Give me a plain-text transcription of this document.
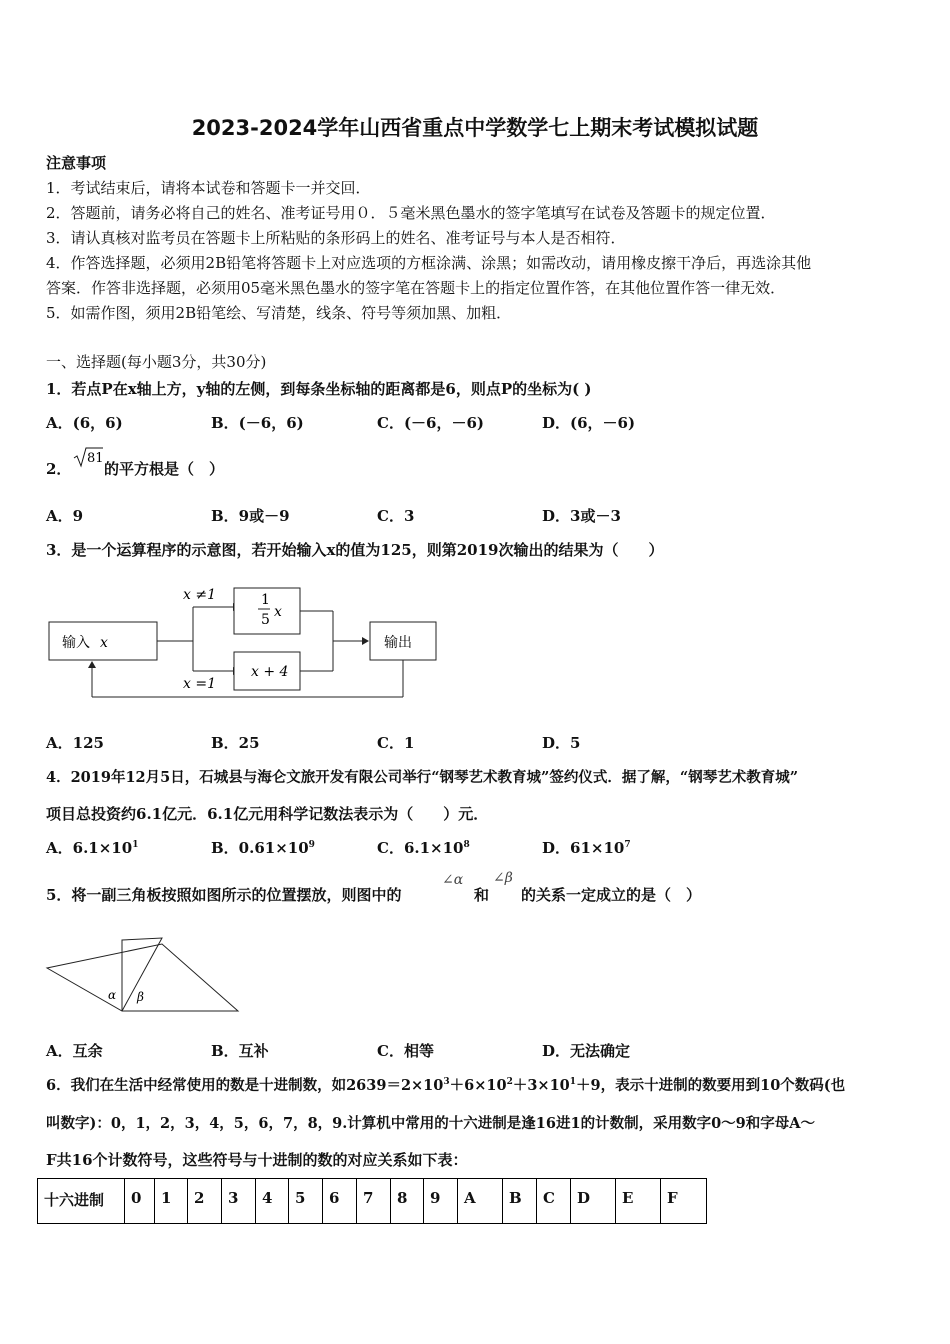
2023-2024学年山西省重点中学数学七上期末考试模拟试题
注意事项
1．考试结束后，请将本试卷和答题卡一并交回．
2．答题前，请务必将自己的姓名、准考证号用０．５毫米黑色墨水的签字笔填写在试卷及答题卡的规定位置．
3．请认真核对监考员在答题卡上所粘贴的条形码上的姓名、准考证号与本人是否相符．
4．作答选择题，必须用2B铅笔将答题卡上对应选项的方框涂满、涂黑；如需改动，请用橡皮擦干净后，再选涂其他
答案．作答非选择题，必须用05毫米黑色墨水的签字笔在答题卡上的指定位置作答，在其他位置作答一律无效．
5．如需作图，须用2B铅笔绘、写清楚，线条、符号等须加黑、加粗．
一、选择题(每小题3分，共30分)
1．若点P在x轴上方，y轴的左侧，到每条坐标轴的距离都是6，则点P的坐标为( )
A．(6，6)	B．(－6，6)	C．(－6，－6)	D．(6，－6)
2．
81
的平方根是（　）
A．9	B．9或－9	C．3	D．3或－3
3．是一个运算程序的示意图，若开始输入x的值为125，则第2019次输出的结果为（　　）
输入 x
x ≠1
x =1
1
5 x
x + 4
输出
A．125	B．25	C．1	D．5
4．2019年12月5日，石城县与海仑文旅开发有限公司举行“钢琴艺术教育城”签约仪式．据了解，“钢琴艺术教育城”
项目总投资约6.1亿元．6.1亿元用科学记数法表示为（　　）元．
A．$6.1\times 10^1$	B．$0.61\times 10^9$	C．$6.1\times 10^8$	D．$61\times 10^7$
5．将一副三角板按照如图所示的位置摆放，则图中的
∠α
和
∠β
的关系一定成立的是（　）
α β
A．互余	B．互补	C．相等	D．无法确定
6．我们在生活中经常使用的数是十进制数，如$2639=2\times 10^3+6\times 10^2+3\times 10^1+9$，表示十进制的数要用到10个数码(也
叫数字)：0，1，2，3，4，5，6，7，8，9.计算机中常用的十六进制是逢16进1的计数制，采用数字0～9和字母A～
F共16个计数符号，这些符号与十进制的数的对应关系如下表：
十六进制	0	1	2	3	4	5	6	7	8	9	A	B	C	D	E	F
